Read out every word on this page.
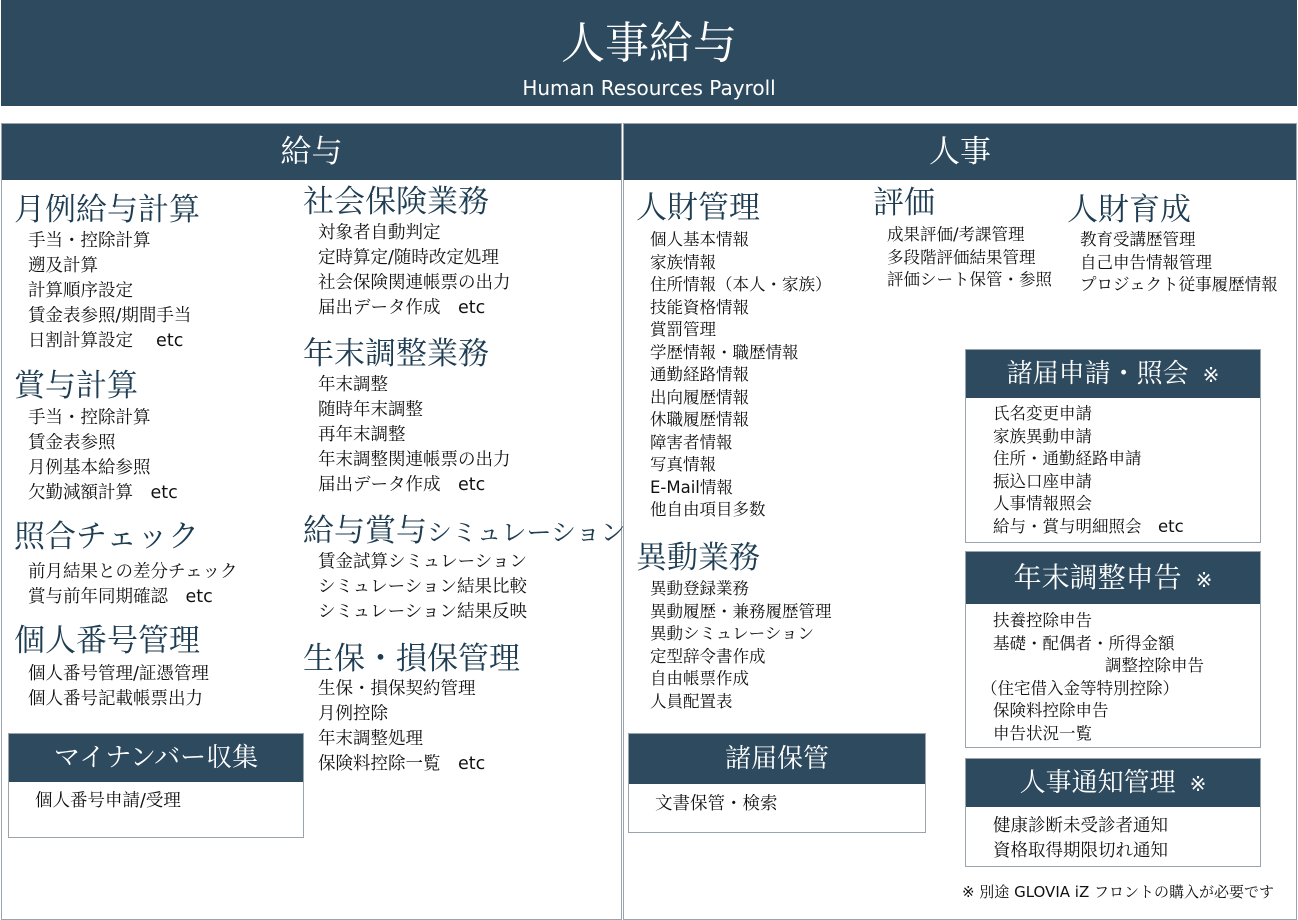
人事給与
Human Resources Payroll
給与	人事
月例給与計算
手当・控除計算
遡及計算
計算順序設定
賃金表参照/期間手当
日割計算設定　 etc
賞与計算
手当・控除計算
賃金表参照
月例基本給参照
欠勤減額計算　etc
照合チェック
前月結果との差分チェック
賞与前年同期確認　etc
個人番号管理
個人番号管理/証憑管理
個人番号記載帳票出力
マイナンバー収集
個人番号申請/受理
社会保険業務
対象者自動判定
定時算定/随時改定処理
社会保険関連帳票の出力
届出データ作成　etc
年末調整業務
年末調整
随時年末調整
再年末調整
年末調整関連帳票の出力
届出データ作成　etc
給与賞与シミュレーション
賃金試算シミュレーション
シミュレーション結果比較
シミュレーション結果反映
生保・損保管理
生保・損保契約管理
月例控除
年末調整処理
保険料控除一覧　etc
人財管理
個人基本情報
家族情報
住所情報（本人・家族）
技能資格情報
賞罰管理
学歴情報・職歴情報
通勤経路情報
出向履歴情報
休職履歴情報
障害者情報
写真情報
E-Mail情報
他自由項目多数
評価
成果評価/考課管理
多段階評価結果管理
評価シート保管・参照
人財育成
教育受講歴管理
自己申告情報管理
プロジェクト従事履歴情報
異動業務
異動登録業務
異動履歴・兼務履歴管理
異動シミュレーション
定型辞令書作成
自由帳票作成
人員配置表
諸届保管
文書保管・検索
諸届申請・照会 ※
氏名変更申請
家族異動申請
住所・通勤経路申請
振込口座申請
人事情報照会
給与・賞与明細照会　etc
年末調整申告 ※
扶養控除申告
基礎・配偶者・所得金額
調整控除申告
（住宅借入金等特別控除）
保険料控除申告
申告状況一覧
人事通知管理 ※
健康診断未受診者通知
資格取得期限切れ通知
※ 別途 GLOVIA iZ フロントの購入が必要です
